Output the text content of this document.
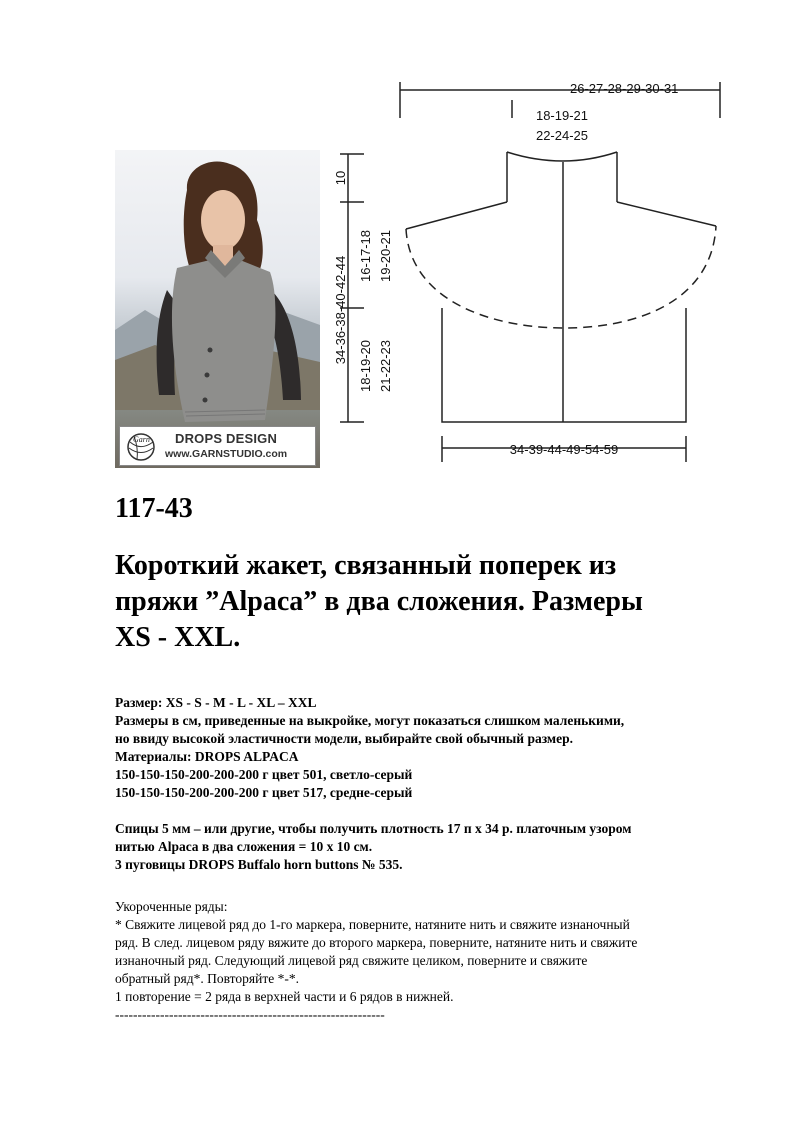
Garn DROPS DESIGN
www.GARNSTUDIO.com
26-27-28-29-30-31
18-19-21
22-24-25
34-39-44-49-54-59
10
34-36-38-40-42-44 16-17-18 19-20-21
18-19-20 21-22-23
117-43
Короткий жакет, связанный поперек из
пряжи ”Alpaca” в два сложения. Размеры
XS - XXL.
Размер: XS - S - M - L - XL – XXL
Размеры в см, приведенные на выкройке, могут показаться слишком маленькими,
но ввиду высокой эластичности модели, выбирайте свой обычный размер.
Материалы: DROPS ALPACA
150-150-150-200-200-200 г цвет 501, светло-серый
150-150-150-200-200-200 г цвет 517, средне-серый
Спицы 5 мм – или другие, чтобы получить плотность 17 п х 34 р. платочным узором
нитью Alpaca в два сложения = 10 х 10 см.
3 пуговицы DROPS Buffalo horn buttons № 535.
Укороченные ряды:
* Свяжите лицевой ряд до 1-го маркера, поверните, натяните нить и свяжите изнаночный
ряд. В след. лицевом ряду вяжите до второго маркера, поверните, натяните нить и свяжите
изнаночный ряд. Следующий лицевой ряд свяжите целиком, поверните и свяжите
обратный ряд*. Повторяйте *-*.
1 повторение = 2 ряда в верхней части и 6 рядов в нижней.
------------------------------------------------------------
